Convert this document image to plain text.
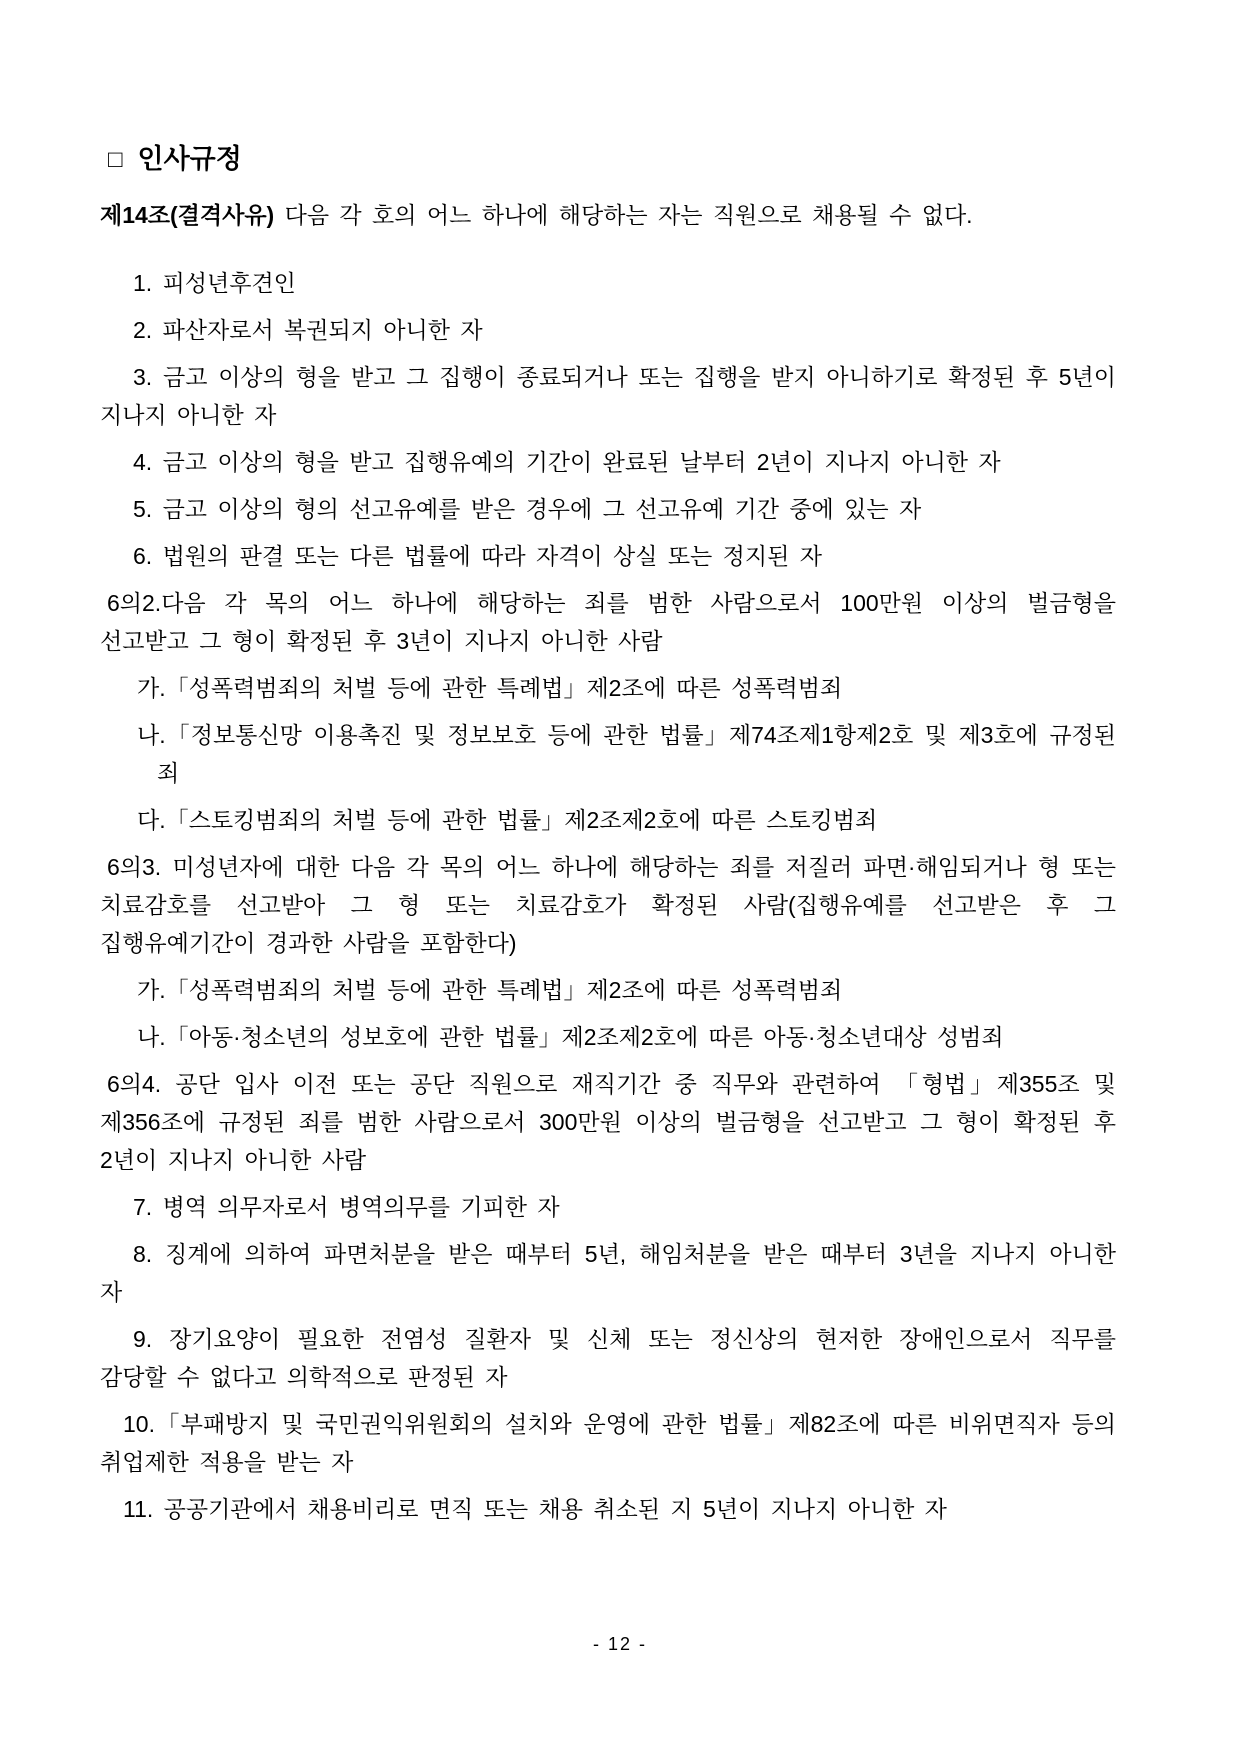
□ 인사규정

제14조(결격사유) 다음 각 호의 어느 하나에 해당하는 자는 직원으로 채용될 수 없다.

1. 피성년후견인

2. 파산자로서 복권되지 아니한 자

3. 금고 이상의 형을 받고 그 집행이 종료되거나 또는 집행을 받지 아니하기로 확정된 후 5년이 지나지 아니한 자

4. 금고 이상의 형을 받고 집행유예의 기간이 완료된 날부터 2년이 지나지 아니한 자

5. 금고 이상의 형의 선고유예를 받은 경우에 그 선고유예 기간 중에 있는 자

6. 법원의 판결 또는 다른 법률에 따라 자격이 상실 또는 정지된 자

6의2.다음 각 목의 어느 하나에 해당하는 죄를 범한 사람으로서 100만원 이상의 벌금형을 선고받고 그 형이 확정된 후 3년이 지나지 아니한 사람

가.「성폭력범죄의 처벌 등에 관한 특례법」제2조에 따른 성폭력범죄

나.「정보통신망 이용촉진 및 정보보호 등에 관한 법률」제74조제1항제2호 및 제3호에 규정된 죄

다.「스토킹범죄의 처벌 등에 관한 법률」제2조제2호에 따른 스토킹범죄

6의3. 미성년자에 대한 다음 각 목의 어느 하나에 해당하는 죄를 저질러 파면·해임되거나 형 또는 치료감호를 선고받아 그 형 또는 치료감호가 확정된 사람(집행유예를 선고받은 후 그 집행유예기간이 경과한 사람을 포함한다)

가.「성폭력범죄의 처벌 등에 관한 특례법」제2조에 따른 성폭력범죄

나.「아동·청소년의 성보호에 관한 법률」제2조제2호에 따른 아동·청소년대상 성범죄

6의4. 공단 입사 이전 또는 공단 직원으로 재직기간 중 직무와 관련하여 「형법」제355조 및 제356조에 규정된 죄를 범한 사람으로서 300만원 이상의 벌금형을 선고받고 그 형이 확정된 후 2년이 지나지 아니한 사람

7. 병역 의무자로서 병역의무를 기피한 자

8. 징계에 의하여 파면처분을 받은 때부터 5년, 해임처분을 받은 때부터 3년을 지나지 아니한 자

9. 장기요양이 필요한 전염성 질환자 및 신체 또는 정신상의 현저한 장애인으로서 직무를 감당할 수 없다고 의학적으로 판정된 자

10.「부패방지 및 국민권익위원회의 설치와 운영에 관한 법률」제82조에 따른 비위면직자 등의 취업제한 적용을 받는 자

11. 공공기관에서 채용비리로 면직 또는 채용 취소된 지 5년이 지나지 아니한 자

- 12 -
